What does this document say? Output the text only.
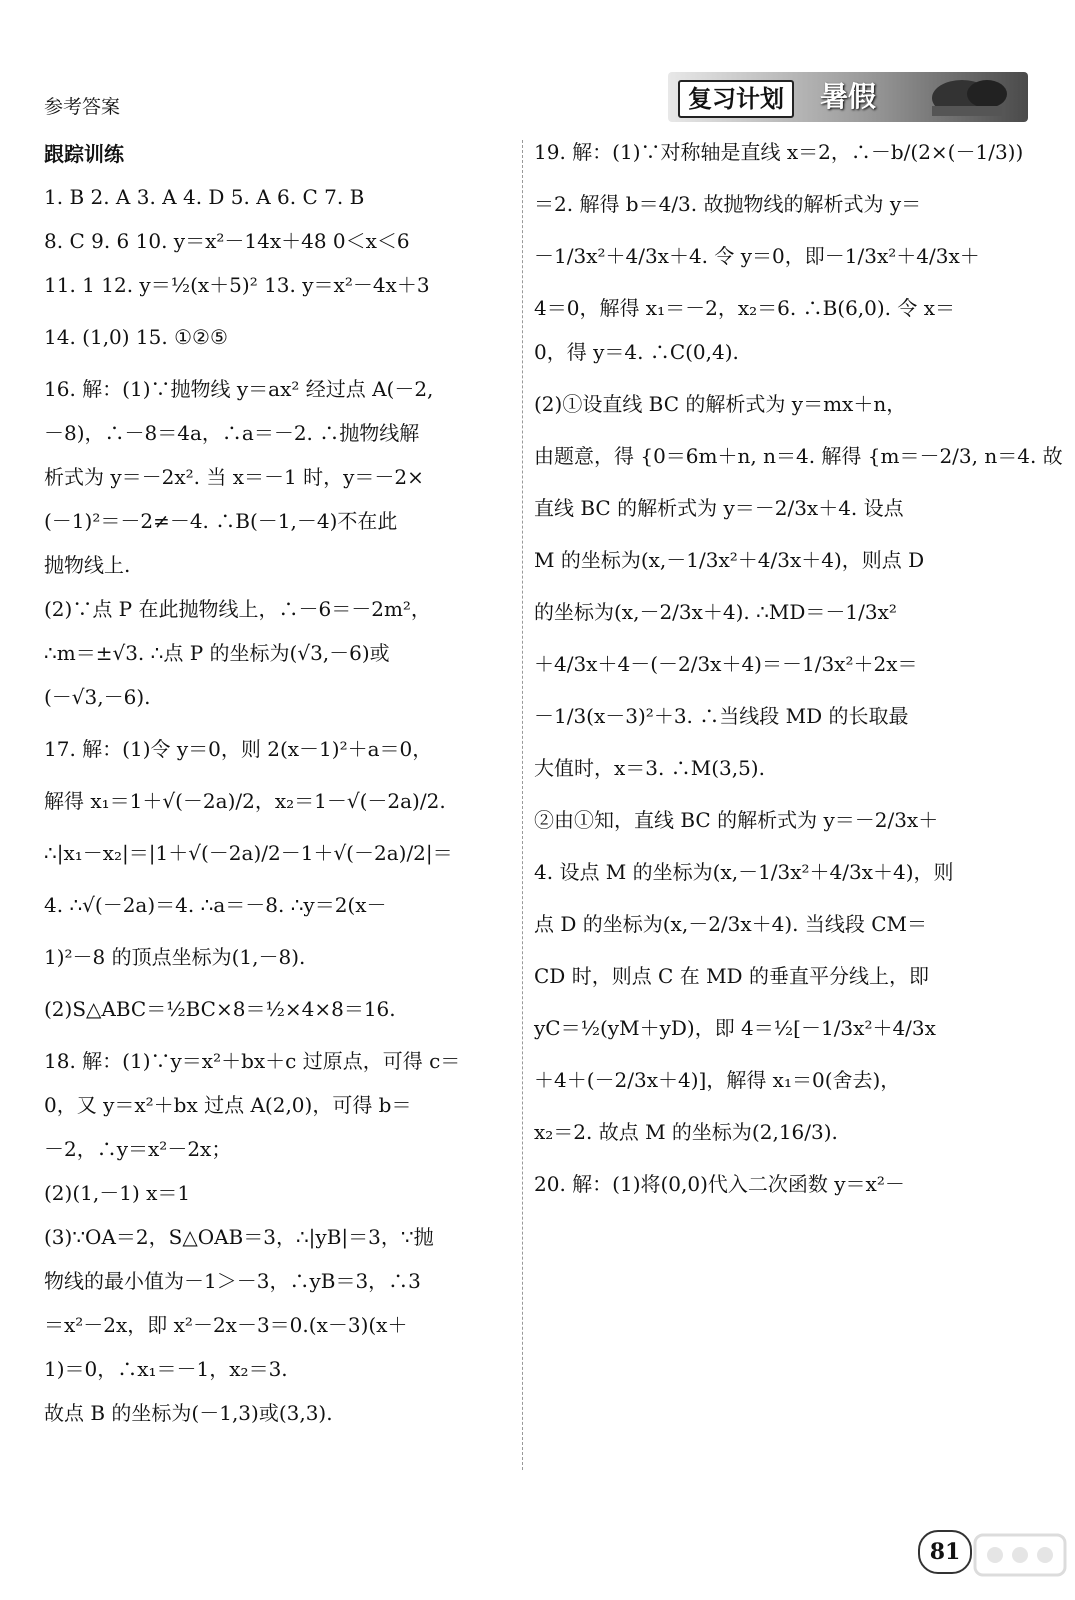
参考答案	复习计划	暑假
跟踪训练
1. B 2. A 3. A 4. D 5. A 6. C 7. B
8. C 9. 6 10. y＝x²－14x＋48 0＜x＜6
11. 1 12. y＝½(x＋5)² 13. y＝x²－4x＋3
14. (1,0) 15. ①②⑤
16. 解：(1)∵抛物线 y＝ax² 经过点 A(－2,
－8)，∴－8＝4a，∴a＝－2. ∴抛物线解
析式为 y＝－2x². 当 x＝－1 时，y＝－2×
(－1)²＝－2≠－4. ∴B(－1,－4)不在此
抛物线上.
(2)∵点 P 在此抛物线上，∴－6＝－2m²，
∴m＝±√3. ∴点 P 的坐标为(√3,－6)或
(－√3,－6).
17. 解：(1)令 y＝0，则 2(x－1)²＋a＝0，
解得 x₁＝1＋√(－2a)/2，x₂＝1－√(－2a)/2.
∴|x₁－x₂|＝|1＋√(－2a)/2－1＋√(－2a)/2|＝
4. ∴√(－2a)＝4. ∴a＝－8. ∴y＝2(x－
1)²－8 的顶点坐标为(1,－8).
(2)S△ABC＝½BC×8＝½×4×8＝16.
18. 解：(1)∵y＝x²＋bx＋c 过原点，可得 c＝
0，又 y＝x²＋bx 过点 A(2,0)，可得 b＝
－2，∴y＝x²－2x；
(2)(1,－1) x＝1
(3)∵OA＝2，S△OAB＝3，∴|yB|＝3，∵抛
物线的最小值为－1＞－3，∴yB＝3，∴3
＝x²－2x，即 x²－2x－3＝0.(x－3)(x＋
1)＝0，∴x₁＝－1，x₂＝3.
故点 B 的坐标为(－1,3)或(3,3).
19. 解：(1)∵对称轴是直线 x＝2，∴－b/(2×(－1/3))
＝2. 解得 b＝4/3. 故抛物线的解析式为 y＝
－1/3x²＋4/3x＋4. 令 y＝0，即－1/3x²＋4/3x＋
4＝0，解得 x₁＝－2，x₂＝6. ∴B(6,0). 令 x＝
0，得 y＝4. ∴C(0,4).
(2)①设直线 BC 的解析式为 y＝mx＋n，
由题意，得 {0＝6m＋n, n＝4. 解得 {m＝－2/3, n＝4. 故
直线 BC 的解析式为 y＝－2/3x＋4. 设点
M 的坐标为(x,－1/3x²＋4/3x＋4)，则点 D
的坐标为(x,－2/3x＋4). ∴MD＝－1/3x²
＋4/3x＋4－(－2/3x＋4)＝－1/3x²＋2x＝
－1/3(x－3)²＋3. ∴当线段 MD 的长取最
大值时，x＝3. ∴M(3,5).
②由①知，直线 BC 的解析式为 y＝－2/3x＋
4. 设点 M 的坐标为(x,－1/3x²＋4/3x＋4)，则
点 D 的坐标为(x,－2/3x＋4). 当线段 CM＝
CD 时，则点 C 在 MD 的垂直平分线上，即
yC＝½(yM＋yD)，即 4＝½[－1/3x²＋4/3x
＋4＋(－2/3x＋4)]，解得 x₁＝0(舍去)，
x₂＝2. 故点 M 的坐标为(2,16/3).
20. 解：(1)将(0,0)代入二次函数 y＝x²－
81
